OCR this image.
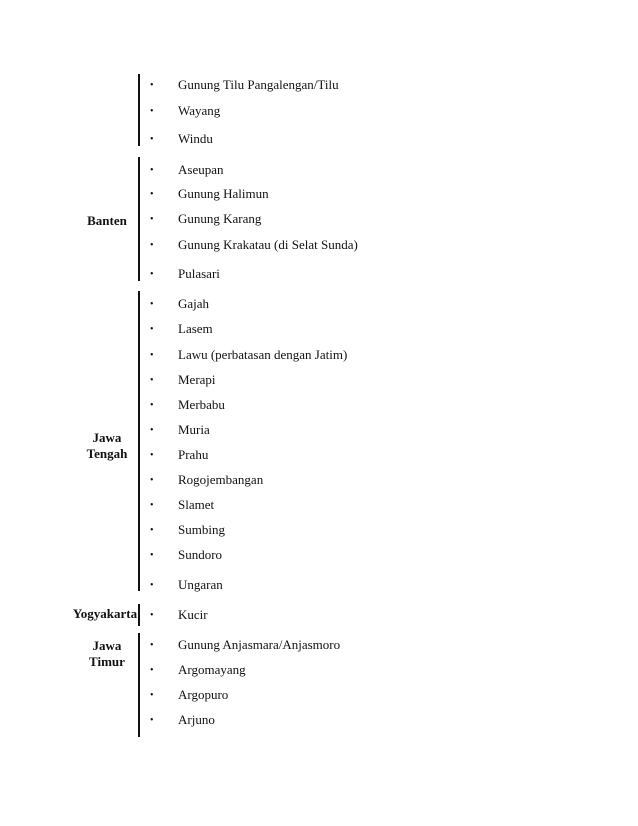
Banten
Jawa
Tengah
Yogyakarta
Jawa
Timur
• Gunung Tilu Pangalengan/Tilu
• Wayang
• Windu
• Aseupan
• Gunung Halimun
• Gunung Karang
• Gunung Krakatau (di Selat Sunda)
• Pulasari
• Gajah
• Lasem
• Lawu (perbatasan dengan Jatim)
• Merapi
• Merbabu
• Muria
• Prahu
• Rogojembangan
• Slamet
• Sumbing
• Sundoro
• Ungaran
• Kucir
• Gunung Anjasmara/Anjasmoro
• Argomayang
• Argopuro
• Arjuno
